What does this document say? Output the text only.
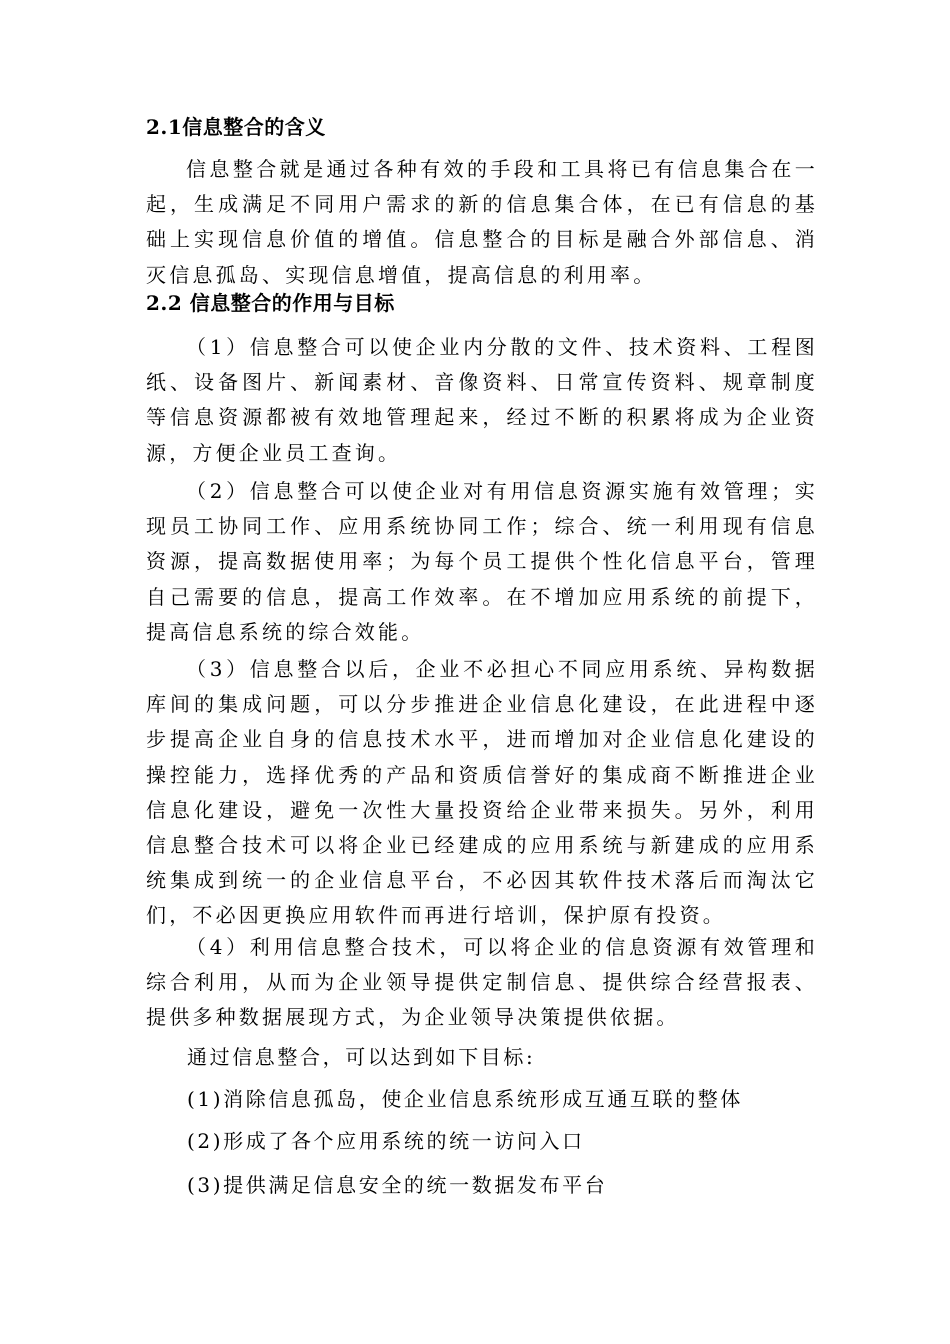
2.1信息整合的含义

信息整合就是通过各种有效的手段和工具将已有信息集合在一起，生成满足不同用户需求的新的信息集合体，在已有信息的基础上实现信息价值的增值。信息整合的目标是融合外部信息、消灭信息孤岛、实现信息增值，提高信息的利用率。

2.2 信息整合的作用与目标

（1）信息整合可以使企业内分散的文件、技术资料、工程图纸、设备图片、新闻素材、音像资料、日常宣传资料、规章制度等信息资源都被有效地管理起来，经过不断的积累将成为企业资源，方便企业员工查询。

（2）信息整合可以使企业对有用信息资源实施有效管理；实现员工协同工作、应用系统协同工作；综合、统一利用现有信息资源，提高数据使用率；为每个员工提供个性化信息平台，管理自己需要的信息，提高工作效率。在不增加应用系统的前提下，提高信息系统的综合效能。

（3）信息整合以后，企业不必担心不同应用系统、异构数据库间的集成问题，可以分步推进企业信息化建设，在此进程中逐步提高企业自身的信息技术水平，进而增加对企业信息化建设的操控能力，选择优秀的产品和资质信誉好的集成商不断推进企业信息化建设，避免一次性大量投资给企业带来损失。另外，利用信息整合技术可以将企业已经建成的应用系统与新建成的应用系统集成到统一的企业信息平台，不必因其软件技术落后而淘汰它们，不必因更换应用软件而再进行培训，保护原有投资。

（4）利用信息整合技术，可以将企业的信息资源有效管理和综合利用，从而为企业领导提供定制信息、提供综合经营报表、提供多种数据展现方式，为企业领导决策提供依据。

通过信息整合，可以达到如下目标:

(1)消除信息孤岛，使企业信息系统形成互通互联的整体

(2)形成了各个应用系统的统一访问入口

(3)提供满足信息安全的统一数据发布平台
